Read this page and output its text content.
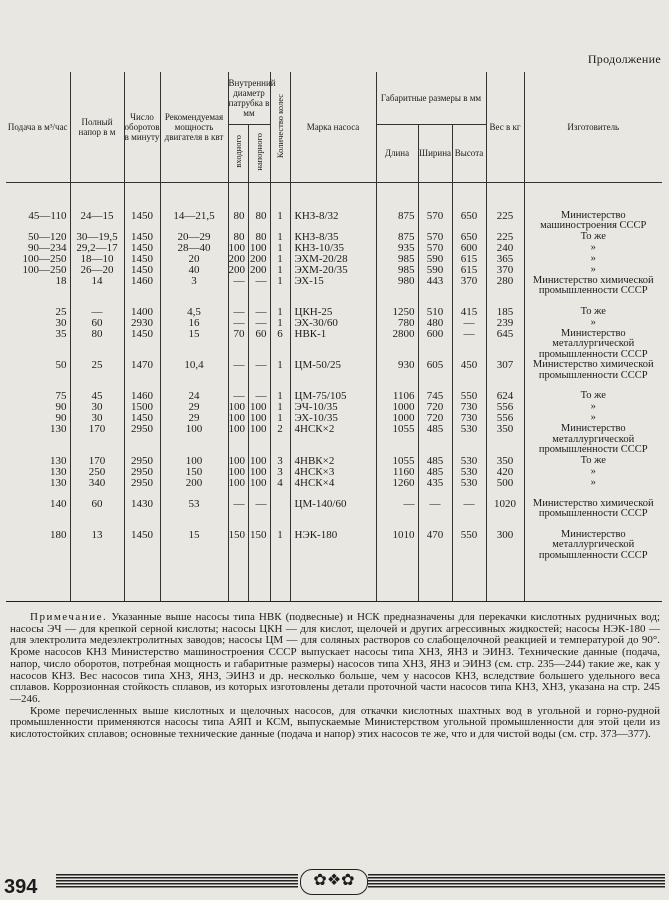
Продолжение
Подача в м³/час	Полный напор в м	Число оборотов в минуту	Рекомендуемая мощность двигателя в квт	Внутренний диаметр патрубка в мм		Количество колес	Марка насоса	Габаритные размеры в мм			Вес в кг	Изготовитель

				входного	напорного			Длина	Ширина	Высота		

45—110	24—15	1450	14—21,5	80	80	1	КНЗ-8/32	875	570	650	225	Министерство машиностроения СССР
50—120	30—19,5	1450	20—29	80	80	1	КНЗ-8/35	875	570	650	225	То же
90—234	29,2—17	1450	28—40	100	100	1	КНЗ-10/35	935	570	600	240	»
100—250	18—10	1450	20	200	200	1	ЭХМ-20/28	985	590	615	365	»
100—250	26—20	1450	40	200	200	1	ЭХМ-20/35	985	590	615	370	»
18	14	1460	3	—	—	1	ЭХ-15	980	443	370	280	Министерство химической промышленности СССР

25	—	1400	4,5	—	—	1	ЦКН-25	1250	510	415	185	То же
30	60	2930	16	—	—	1	ЭХ-30/60	780	480	—	239	»
35	80	1450	15	70	60	6	НВК-1	2800	600	—	645	Министерство металлургической промышленности СССР
50	25	1470	10,4	—	—	1	ЦМ-50/25	930	605	450	307	Министерство химической промышленности СССР

75	45	1460	24	—	—	1	ЦМ-75/105	1106	745	550	624	То же
90	30	1500	29	100	100	1	ЭЧ-10/35	1000	720	730	556	»
90	30	1450	29	100	100	1	ЭХ-10/35	1000	720	730	556	»
130	170	2950	100	100	100	2	4НСК×2	1055	485	530	350	Министерство металлургической промышленности СССР
130	170	2950	100	100	100	3	4НВК×2	1055	485	530	350	То же
130	250	2950	150	100	100	3	4НСК×3	1160	485	530	420	»
130	340	2950	200	100	100	4	4НСК×4	1260	435	530	500	»

140	60	1430	53	—	—		ЦМ-140/60	—	—	—	1020	Министерство химической промышленности СССР

180	13	1450	15	150	150	1	НЭК-180	1010	470	550	300	Министерство металлургической промышленности СССР

Примечание. Указанные выше насосы типа НВК (подвесные) и НСК предназначены для перекачки кислотных рудничных вод; насосы ЭЧ — для крепкой серной кислоты; насосы ЦКН — для кислот, щелочей и других агрессивных жидкостей; насосы НЭК-180 — для электролита медеэлектролитных заводов; насосы ЦМ — для соляных растворов со слабощелочной реакцией и температурой до 90°. Кроме насосов КНЗ Министерство машиностроения СССР выпускает насосы типа ХНЗ, ЯНЗ и ЭИНЗ. Технические данные (подача, напор, число оборотов, потребная мощность и габаритные размеры) насосов типа ХНЗ, ЯНЗ и ЭИНЗ (см. стр. 235—244) такие же, как у насосов КНЗ. Вес насосов типа ХНЗ, ЯНЗ, ЭИНЗ и др. несколько больше, чем у насосов КНЗ, вследствие большего удельного веса сплавов. Коррозионная стойкость сплавов, из которых изготовлены детали проточной части насосов типа КНЗ, ХНЗ, указана на стр. 245—246.

Кроме перечисленных выше кислотных и щелочных насосов, для откачки кислотных шахтных вод в угольной и горно-рудной промышленности применяются насосы типа АЯП и КСМ, выпускаемые Министерством угольной промышленности для этой цели из кислотостойких сплавов; основные технические данные (подача и напор) этих насосов те же, что и для чистой воды (см. стр. 373—377).

394	✿❖✿
